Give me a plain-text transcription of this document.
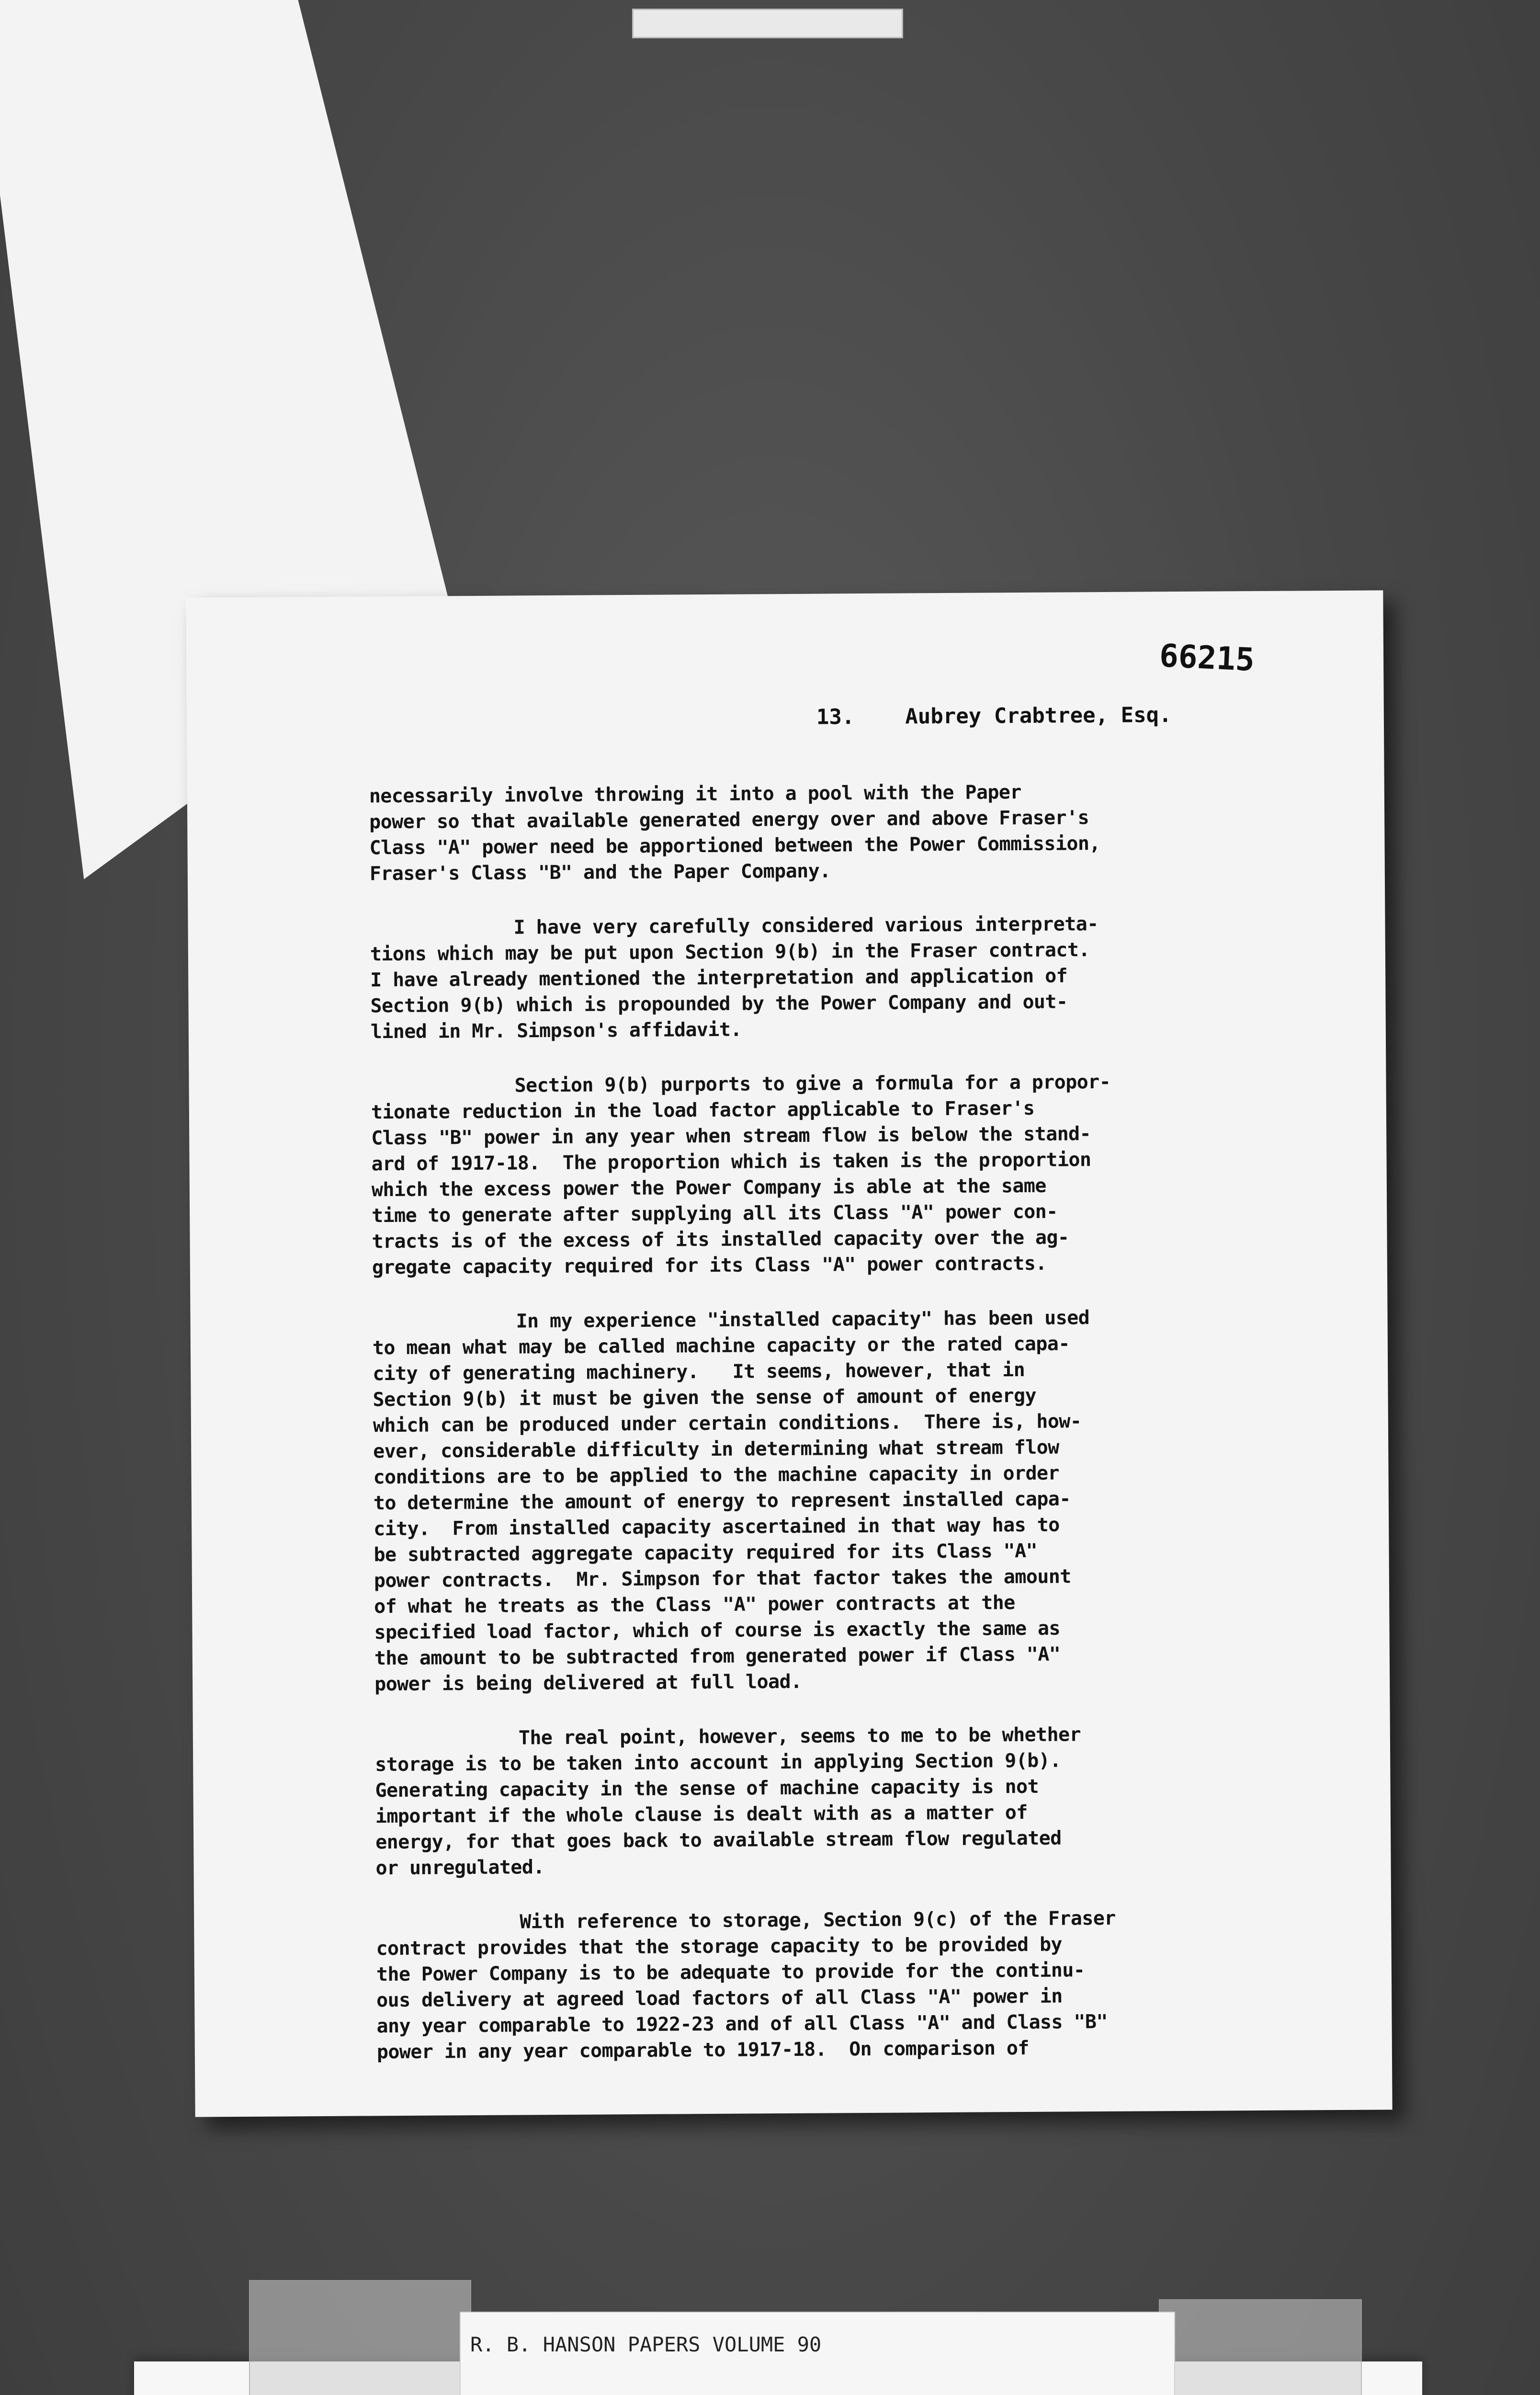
66215
13. Aubrey Crabtree, Esq.
necessarily involve throwing it into a pool with the Paper
power so that available generated energy over and above Fraser's
Class "A" power need be apportioned between the Power Commission,
Fraser's Class "B" and the Paper Company.
I have very carefully considered various interpreta-
tions which may be put upon Section 9(b) in the Fraser contract.
I have already mentioned the interpretation and application of
Section 9(b) which is propounded by the Power Company and out-
lined in Mr. Simpson's affidavit.
Section 9(b) purports to give a formula for a propor-
tionate reduction in the load factor applicable to Fraser's
Class "B" power in any year when stream flow is below the stand-
ard of 1917-18.  The proportion which is taken is the proportion
which the excess power the Power Company is able at the same
time to generate after supplying all its Class "A" power con-
tracts is of the excess of its installed capacity over the ag-
gregate capacity required for its Class "A" power contracts.
In my experience "installed capacity" has been used
to mean what may be called machine capacity or the rated capa-
city of generating machinery.   It seems, however, that in
Section 9(b) it must be given the sense of amount of energy
which can be produced under certain conditions.  There is, how-
ever, considerable difficulty in determining what stream flow
conditions are to be applied to the machine capacity in order
to determine the amount of energy to represent installed capa-
city.  From installed capacity ascertained in that way has to
be subtracted aggregate capacity required for its Class "A"
power contracts.  Mr. Simpson for that factor takes the amount
of what he treats as the Class "A" power contracts at the
specified load factor, which of course is exactly the same as
the amount to be subtracted from generated power if Class "A"
power is being delivered at full load.
The real point, however, seems to me to be whether
storage is to be taken into account in applying Section 9(b).
Generating capacity in the sense of machine capacity is not
important if the whole clause is dealt with as a matter of
energy, for that goes back to available stream flow regulated
or unregulated.
With reference to storage, Section 9(c) of the Fraser
contract provides that the storage capacity to be provided by
the Power Company is to be adequate to provide for the continu-
ous delivery at agreed load factors of all Class "A" power in
any year comparable to 1922-23 and of all Class "A" and Class "B"
power in any year comparable to 1917-18.  On comparison of
R. B. HANSON PAPERS VOLUME 90
